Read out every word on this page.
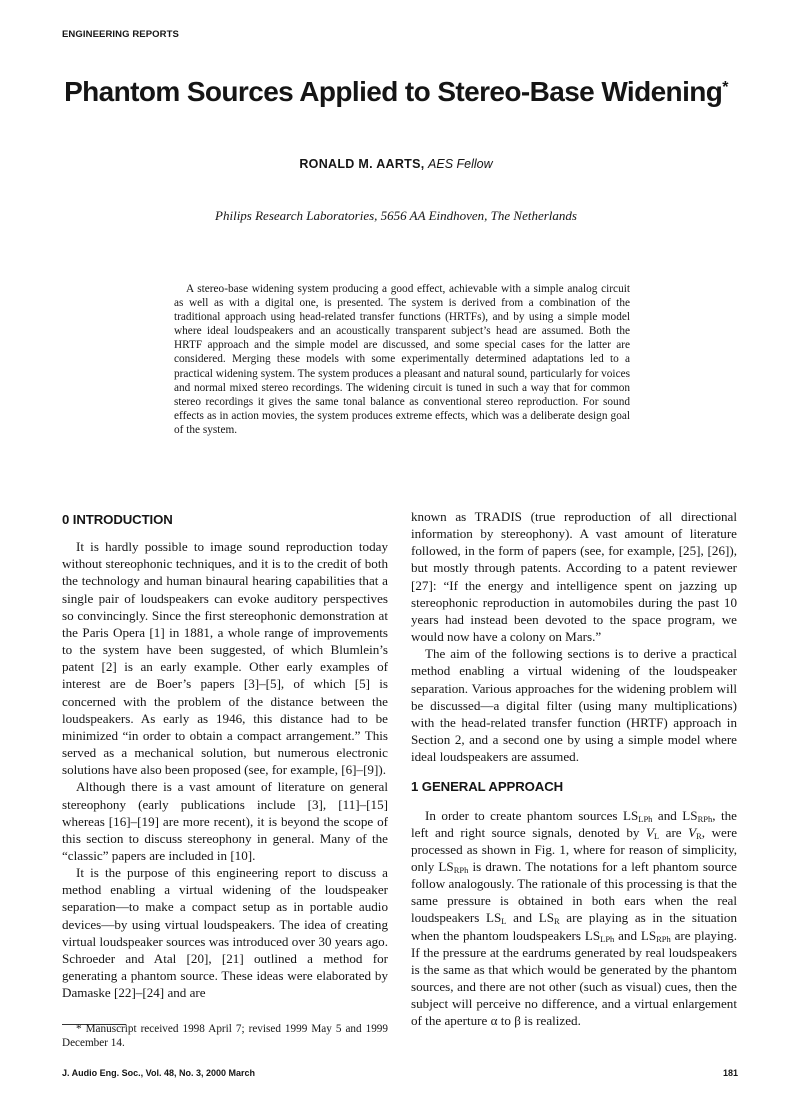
ENGINEERING REPORTS
Phantom Sources Applied to Stereo-Base Widening*
RONALD M. AARTS, AES Fellow
Philips Research Laboratories, 5656 AA Eindhoven, The Netherlands

A stereo-base widening system producing a good effect, achievable with a simple analog circuit as well as with a digital one, is presented. The system is derived from a combination of the traditional approach using head-related transfer functions (HRTFs), and by using a simple model where ideal loudspeakers and an acoustically transparent subject’s head are assumed. Both the HRTF approach and the simple model are discussed, and some special cases for the latter are considered. Merging these models with some experimentally determined adaptations led to a practical widening system. The system produces a pleasant and natural sound, particularly for voices and normal mixed stereo recordings. The widening circuit is tuned in such a way that for common stereo recordings it gives the same tonal balance as conventional stereo reproduction. For sound effects as in action movies, the system produces extreme effects, which was a deliberate design goal of the system.

0 INTRODUCTION

It is hardly possible to image sound reproduction today without stereophonic techniques, and it is to the credit of both the technology and human binaural hearing capabilities that a single pair of loudspeakers can evoke auditory perspectives so convincingly. Since the first stereophonic demonstration at the Paris Opera [1] in 1881, a whole range of improvements to the system have been suggested, of which Blumlein’s patent [2] is an early example. Other early examples of interest are de Boer’s papers [3]–[5], of which [5] is concerned with the problem of the distance between the loudspeakers. As early as 1946, this distance had to be minimized “in order to obtain a compact arrangement.” This served as a mechanical solution, but numerous electronic solutions have also been proposed (see, for example, [6]–[9]).

Although there is a vast amount of literature on general stereophony (early publications include [3], [11]–[15] whereas [16]–[19] are more recent), it is beyond the scope of this section to discuss stereophony in general. Many of the “classic” papers are included in [10].

It is the purpose of this engineering report to discuss a method enabling a virtual widening of the loudspeaker separation—to make a compact setup as in portable audio devices—by using virtual loudspeakers. The idea of creating virtual loudspeaker sources was introduced over 30 years ago. Schroeder and Atal [20], [21] outlined a method for generating a phantom source. These ideas were elaborated by Damaske [22]–[24] and are

known as TRADIS (true reproduction of all directional information by stereophony). A vast amount of literature followed, in the form of papers (see, for example, [25], [26]), but mostly through patents. According to a patent reviewer [27]: “If the energy and intelligence spent on jazzing up stereophonic reproduction in automobiles during the past 10 years had instead been devoted to the space program, we would now have a colony on Mars.”

The aim of the following sections is to derive a practical method enabling a virtual widening of the loudspeaker separation. Various approaches for the widening problem will be discussed—a digital filter (using many multiplications) with the head-related transfer function (HRTF) approach in Section 2, and a second one by using a simple model where ideal loudspeakers are assumed.

1 GENERAL APPROACH

In order to create phantom sources $LS_{LPh}$ and $LS_{RPh}$, the left and right source signals, denoted by $V_L$ are $V_R$, were processed as shown in Fig. 1, where for reason of simplicity, only $LS_{RPh}$ is drawn. The notations for a left phantom source follow analogously. The rationale of this processing is that the same pressure is obtained in both ears when the real loudspeakers $LS_L$ and $LS_R$ are playing as in the situation when the phantom loudspeakers $LS_{LPh}$ and $LS_{RPh}$ are playing. If the pressure at the eardrums generated by real loudspeakers is the same as that which would be generated by the phantom sources, and there are not other (such as visual) cues, then the subject will perceive no difference, and a virtual enlargement of the aperture α to β is realized.

* Manuscript received 1998 April 7; revised 1999 May 5 and 1999 December 14.

J. Audio Eng. Soc., Vol. 48, No. 3, 2000 March	181
